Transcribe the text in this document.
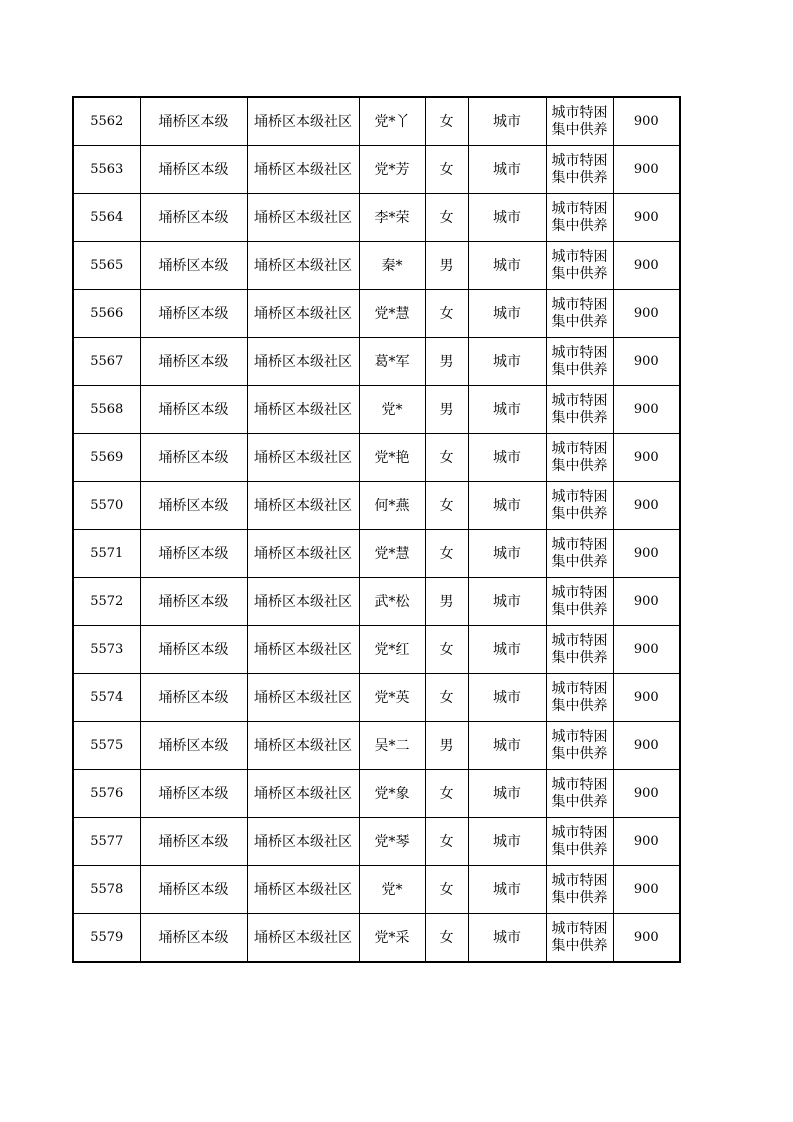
5562	埇桥区本级	埇桥区本级社区	党*丫	女	城市	城市特困集中供养	900
5563	埇桥区本级	埇桥区本级社区	党*芳	女	城市	城市特困集中供养	900
5564	埇桥区本级	埇桥区本级社区	李*荣	女	城市	城市特困集中供养	900
5565	埇桥区本级	埇桥区本级社区	秦*	男	城市	城市特困集中供养	900
5566	埇桥区本级	埇桥区本级社区	党*慧	女	城市	城市特困集中供养	900
5567	埇桥区本级	埇桥区本级社区	葛*军	男	城市	城市特困集中供养	900
5568	埇桥区本级	埇桥区本级社区	党*	男	城市	城市特困集中供养	900
5569	埇桥区本级	埇桥区本级社区	党*艳	女	城市	城市特困集中供养	900
5570	埇桥区本级	埇桥区本级社区	何*燕	女	城市	城市特困集中供养	900
5571	埇桥区本级	埇桥区本级社区	党*慧	女	城市	城市特困集中供养	900
5572	埇桥区本级	埇桥区本级社区	武*松	男	城市	城市特困集中供养	900
5573	埇桥区本级	埇桥区本级社区	党*红	女	城市	城市特困集中供养	900
5574	埇桥区本级	埇桥区本级社区	党*英	女	城市	城市特困集中供养	900
5575	埇桥区本级	埇桥区本级社区	吴*二	男	城市	城市特困集中供养	900
5576	埇桥区本级	埇桥区本级社区	党*象	女	城市	城市特困集中供养	900
5577	埇桥区本级	埇桥区本级社区	党*琴	女	城市	城市特困集中供养	900
5578	埇桥区本级	埇桥区本级社区	党*	女	城市	城市特困集中供养	900
5579	埇桥区本级	埇桥区本级社区	党*采	女	城市	城市特困集中供养	900
